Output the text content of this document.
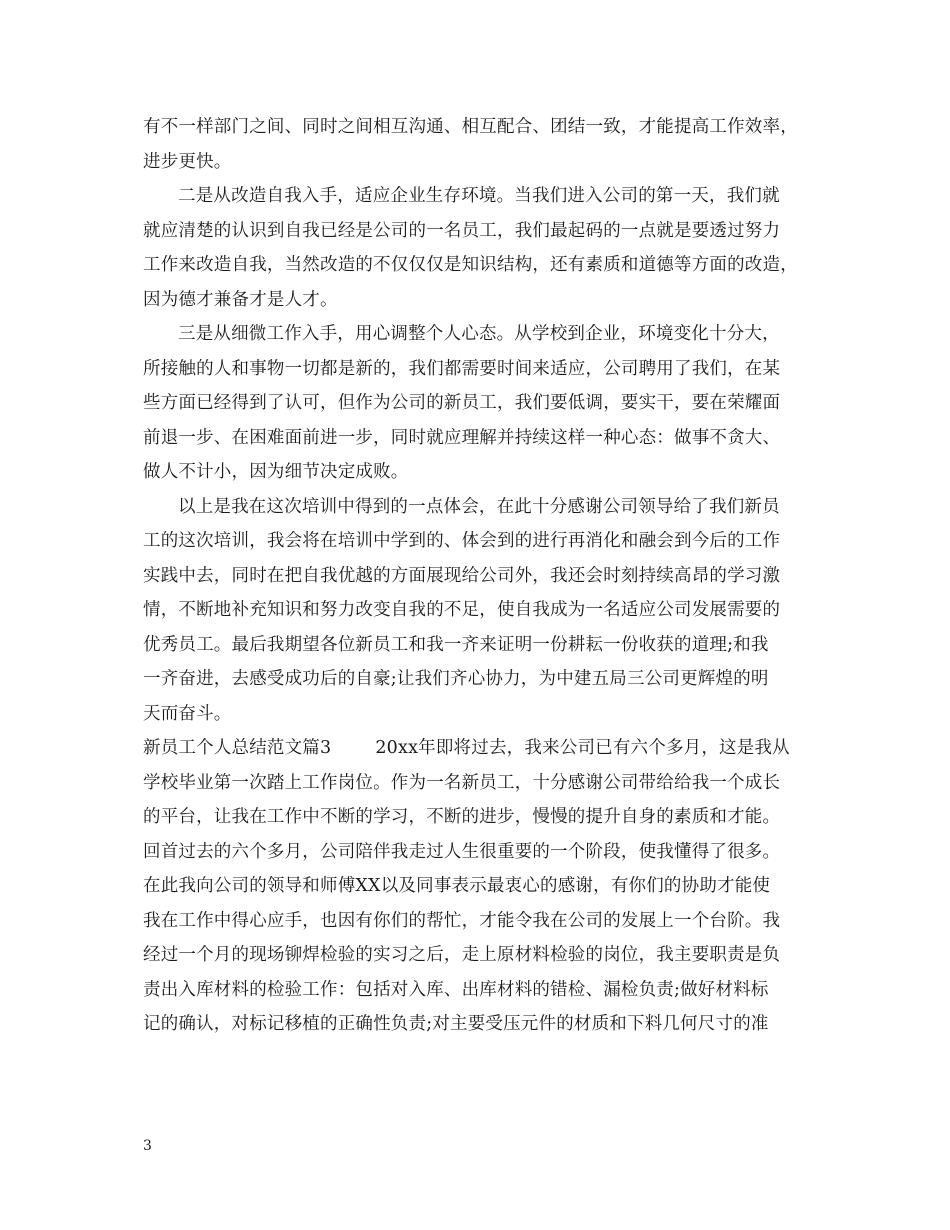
有不一样部门之间、同时之间相互沟通、相互配合、团结一致，才能提高工作效率，
进步更快。
二是从改造自我入手，适应企业生存环境。当我们进入公司的第一天，我们就
就应清楚的认识到自我已经是公司的一名员工，我们最起码的一点就是要透过努力
工作来改造自我，当然改造的不仅仅仅是知识结构，还有素质和道德等方面的改造，
因为德才兼备才是人才。
三是从细微工作入手，用心调整个人心态。从学校到企业，环境变化十分大，
所接触的人和事物一切都是新的，我们都需要时间来适应，公司聘用了我们，在某
些方面已经得到了认可，但作为公司的新员工，我们要低调，要实干，要在荣耀面
前退一步、在困难面前进一步，同时就应理解并持续这样一种心态：做事不贪大、
做人不计小，因为细节决定成败。
以上是我在这次培训中得到的一点体会，在此十分感谢公司领导给了我们新员
工的这次培训，我会将在培训中学到的、体会到的进行再消化和融会到今后的工作
实践中去，同时在把自我优越的方面展现给公司外，我还会时刻持续高昂的学习激
情，不断地补充知识和努力改变自我的不足，使自我成为一名适应公司发展需要的
优秀员工。最后我期望各位新员工和我一齐来证明一份耕耘一份收获的道理;和我
一齐奋进，去感受成功后的自豪;让我们齐心协力，为中建五局三公司更辉煌的明
天而奋斗。
新员工个人总结范文篇3	20xx年即将过去，我来公司已有六个多月，这是我从
学校毕业第一次踏上工作岗位。作为一名新员工，十分感谢公司带给给我一个成长
的平台，让我在工作中不断的学习，不断的进步，慢慢的提升自身的素质和才能。
回首过去的六个多月，公司陪伴我走过人生很重要的一个阶段，使我懂得了很多。
在此我向公司的领导和师傅XX以及同事表示最衷心的感谢，有你们的协助才能使
我在工作中得心应手，也因有你们的帮忙，才能令我在公司的发展上一个台阶。我
经过一个月的现场铆焊检验的实习之后，走上原材料检验的岗位，我主要职责是负
责出入库材料的检验工作：包括对入库、出库材料的错检、漏检负责;做好材料标
记的确认，对标记移植的正确性负责;对主要受压元件的材质和下料几何尺寸的准
3
